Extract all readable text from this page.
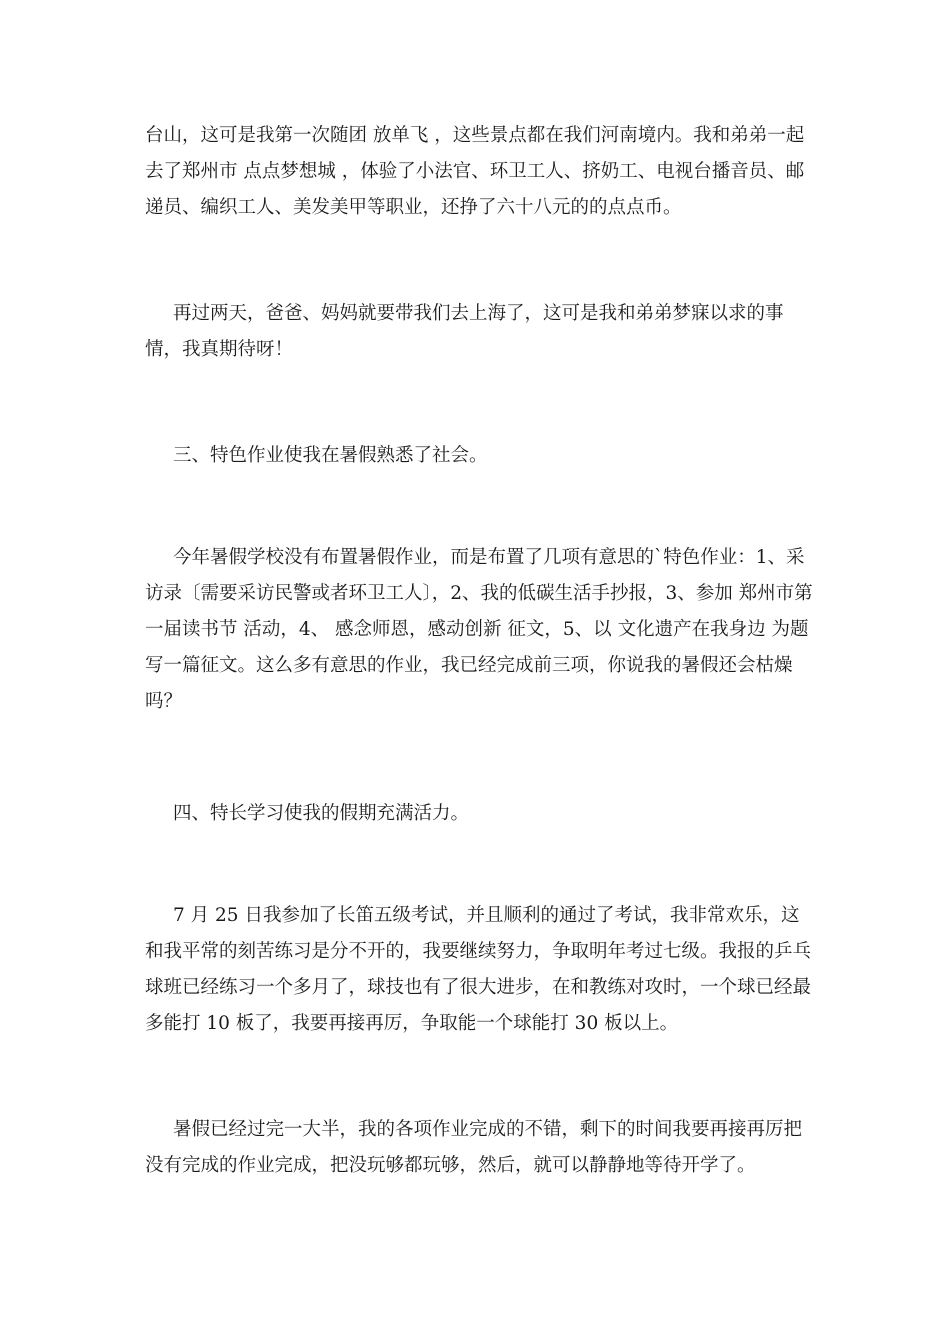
台山，这可是我第一次随团 放单飞 ，这些景点都在我们河南境内。我和弟弟一起去了郑州市 点点梦想城 ，体验了小法官、环卫工人、挤奶工、电视台播音员、邮递员、编织工人、美发美甲等职业，还挣了六十八元的的点点币。

再过两天，爸爸、妈妈就要带我们去上海了，这可是我和弟弟梦寐以求的事情，我真期待呀！

三、特色作业使我在暑假熟悉了社会。

今年暑假学校没有布置暑假作业，而是布置了几项有意思的`特色作业：1、采访录〔需要采访民警或者环卫工人〕，2、我的低碳生活手抄报，3、参加 郑州市第一届读书节 活动，4、 感念师恩，感动创新 征文，5、以 文化遗产在我身边 为题写一篇征文。这么多有意思的作业，我已经完成前三项，你说我的暑假还会枯燥吗？

四、特长学习使我的假期充满活力。

7 月 25 日我参加了长笛五级考试，并且顺利的通过了考试，我非常欢乐，这和我平常的刻苦练习是分不开的，我要继续努力，争取明年考过七级。我报的乒乓球班已经练习一个多月了，球技也有了很大进步，在和教练对攻时，一个球已经最多能打 10 板了，我要再接再厉，争取能一个球能打 30 板以上。

暑假已经过完一大半，我的各项作业完成的不错，剩下的时间我要再接再厉把没有完成的作业完成，把没玩够都玩够，然后，就可以静静地等待开学了。
